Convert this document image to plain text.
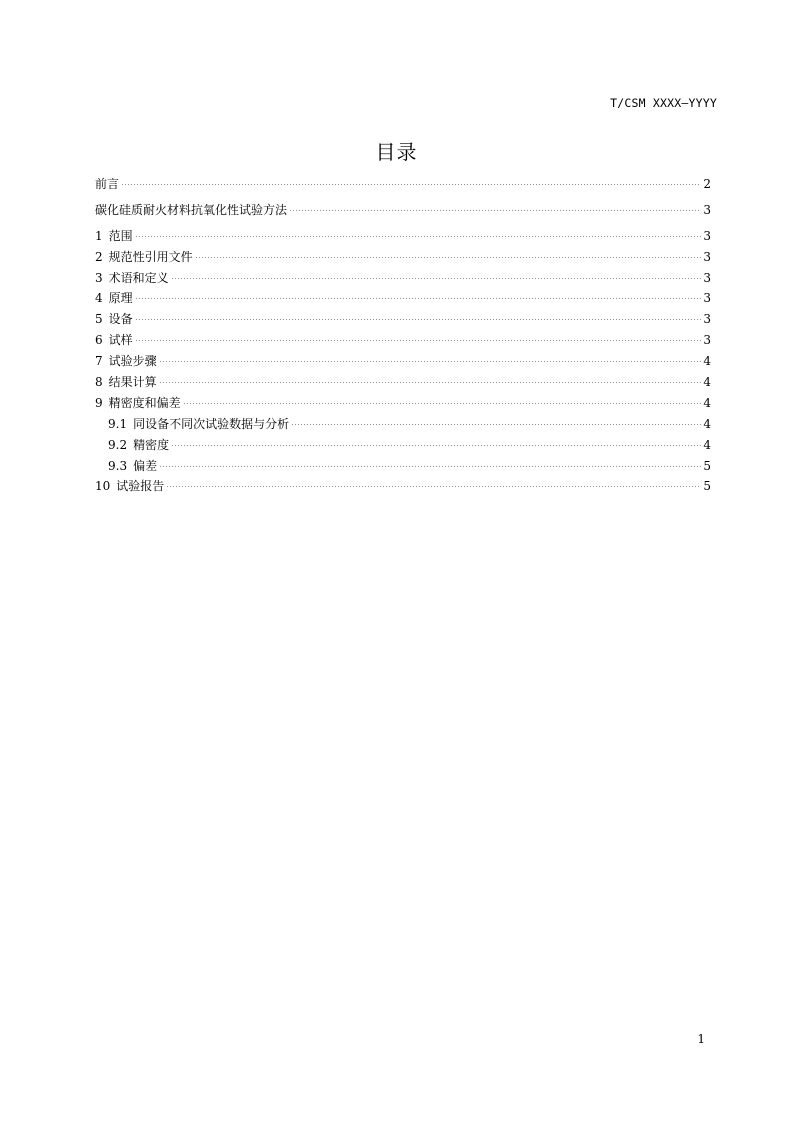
T/CSM XXXX—YYYY
目录
前言	2
碳化硅质耐火材料抗氧化性试验方法	3
1 范围	3
2 规范性引用文件	3
3 术语和定义	3
4 原理	3
5 设备	3
6 试样	3
7 试验步骤	4
8 结果计算	4
9 精密度和偏差	4
9.1 同设备不同次试验数据与分析	4
9.2 精密度	4
9.3 偏差	5
10 试验报告	5
1
